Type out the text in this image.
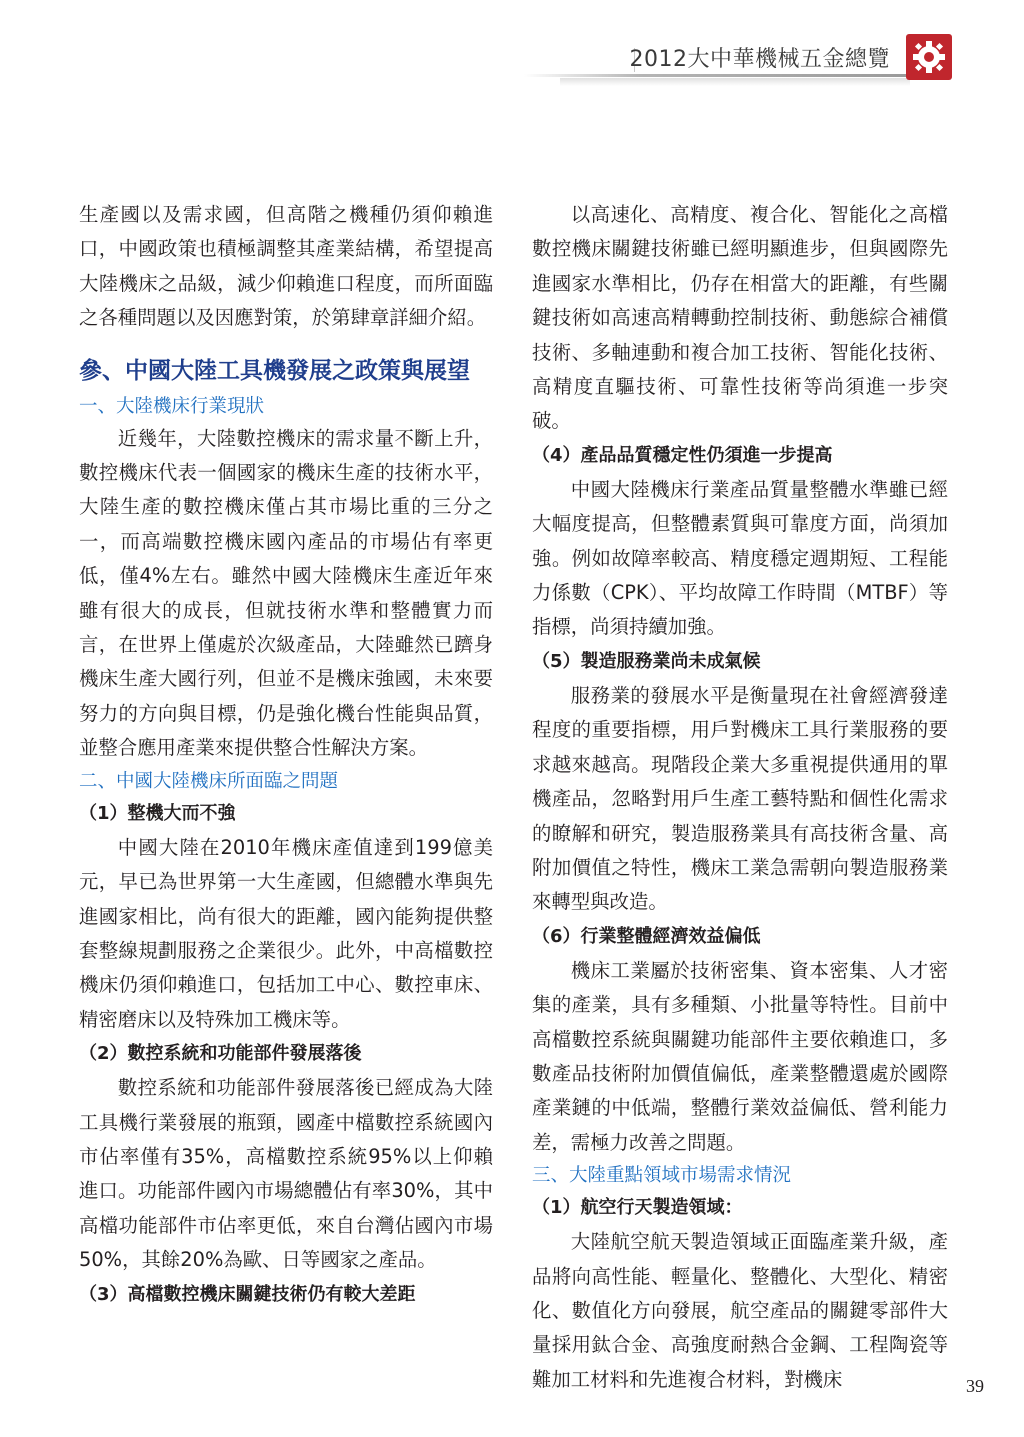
2012大中華機械五金總覽

生產國以及需求國，但高階之機種仍須仰賴進口，中國政策也積極調整其產業結構，希望提高大陸機床之品級，減少仰賴進口程度，而所面臨之各種問題以及因應對策，於第肆章詳細介紹。

參、中國大陸工具機發展之政策與展望
一、大陸機床行業現狀

近幾年，大陸數控機床的需求量不斷上升，數控機床代表一個國家的機床生產的技術水平，大陸生產的數控機床僅占其市場比重的三分之一，而高端數控機床國內產品的市場佔有率更低，僅4%左右。雖然中國大陸機床生產近年來雖有很大的成長，但就技術水準和整體實力而言，在世界上僅處於次級產品，大陸雖然已躋身機床生產大國行列，但並不是機床強國，未來要努力的方向與目標，仍是強化機台性能與品質，並整合應用產業來提供整合性解決方案。

二、中國大陸機床所面臨之問題
（1）整機大而不強

中國大陸在2010年機床產值達到199億美元，早已為世界第一大生產國，但總體水準與先進國家相比，尚有很大的距離，國內能夠提供整套整線規劃服務之企業很少。此外，中高檔數控機床仍須仰賴進口，包括加工中心、數控車床、精密磨床以及特殊加工機床等。

（2）數控系統和功能部件發展落後

數控系統和功能部件發展落後已經成為大陸工具機行業發展的瓶頸，國產中檔數控系統國內市佔率僅有35%，高檔數控系統95%以上仰賴進口。功能部件國內市場總體佔有率30%，其中高檔功能部件市佔率更低，來自台灣佔國內市場50%，其餘20%為歐、日等國家之產品。

（3）高檔數控機床關鍵技術仍有較大差距

以高速化、高精度、複合化、智能化之高檔數控機床關鍵技術雖已經明顯進步，但與國際先進國家水準相比，仍存在相當大的距離，有些關鍵技術如高速高精轉動控制技術、動態綜合補償技術、多軸連動和複合加工技術、智能化技術、高精度直驅技術、可靠性技術等尚須進一步突破。

（4）產品品質穩定性仍須進一步提高

中國大陸機床行業產品質量整體水準雖已經大幅度提高，但整體素質與可靠度方面，尚須加強。例如故障率較高、精度穩定週期短、工程能力係數（CPK）、平均故障工作時間（MTBF）等指標，尚須持續加強。

（5）製造服務業尚未成氣候

服務業的發展水平是衡量現在社會經濟發達程度的重要指標，用戶對機床工具行業服務的要求越來越高。現階段企業大多重視提供通用的單機產品，忽略對用戶生產工藝特點和個性化需求的瞭解和研究，製造服務業具有高技術含量、高附加價值之特性，機床工業急需朝向製造服務業來轉型與改造。

（6）行業整體經濟效益偏低

機床工業屬於技術密集、資本密集、人才密集的產業，具有多種類、小批量等特性。目前中高檔數控系統與關鍵功能部件主要依賴進口，多數產品技術附加價值偏低，產業整體還處於國際產業鏈的中低端，整體行業效益偏低、營利能力差，需極力改善之問題。

三、大陸重點領域市場需求情況
（1）航空行天製造領域：

大陸航空航天製造領域正面臨產業升級，產品將向高性能、輕量化、整體化、大型化、精密化、數值化方向發展，航空產品的關鍵零部件大量採用鈦合金、高強度耐熱合金鋼、工程陶瓷等難加工材料和先進複合材料，對機床	39
